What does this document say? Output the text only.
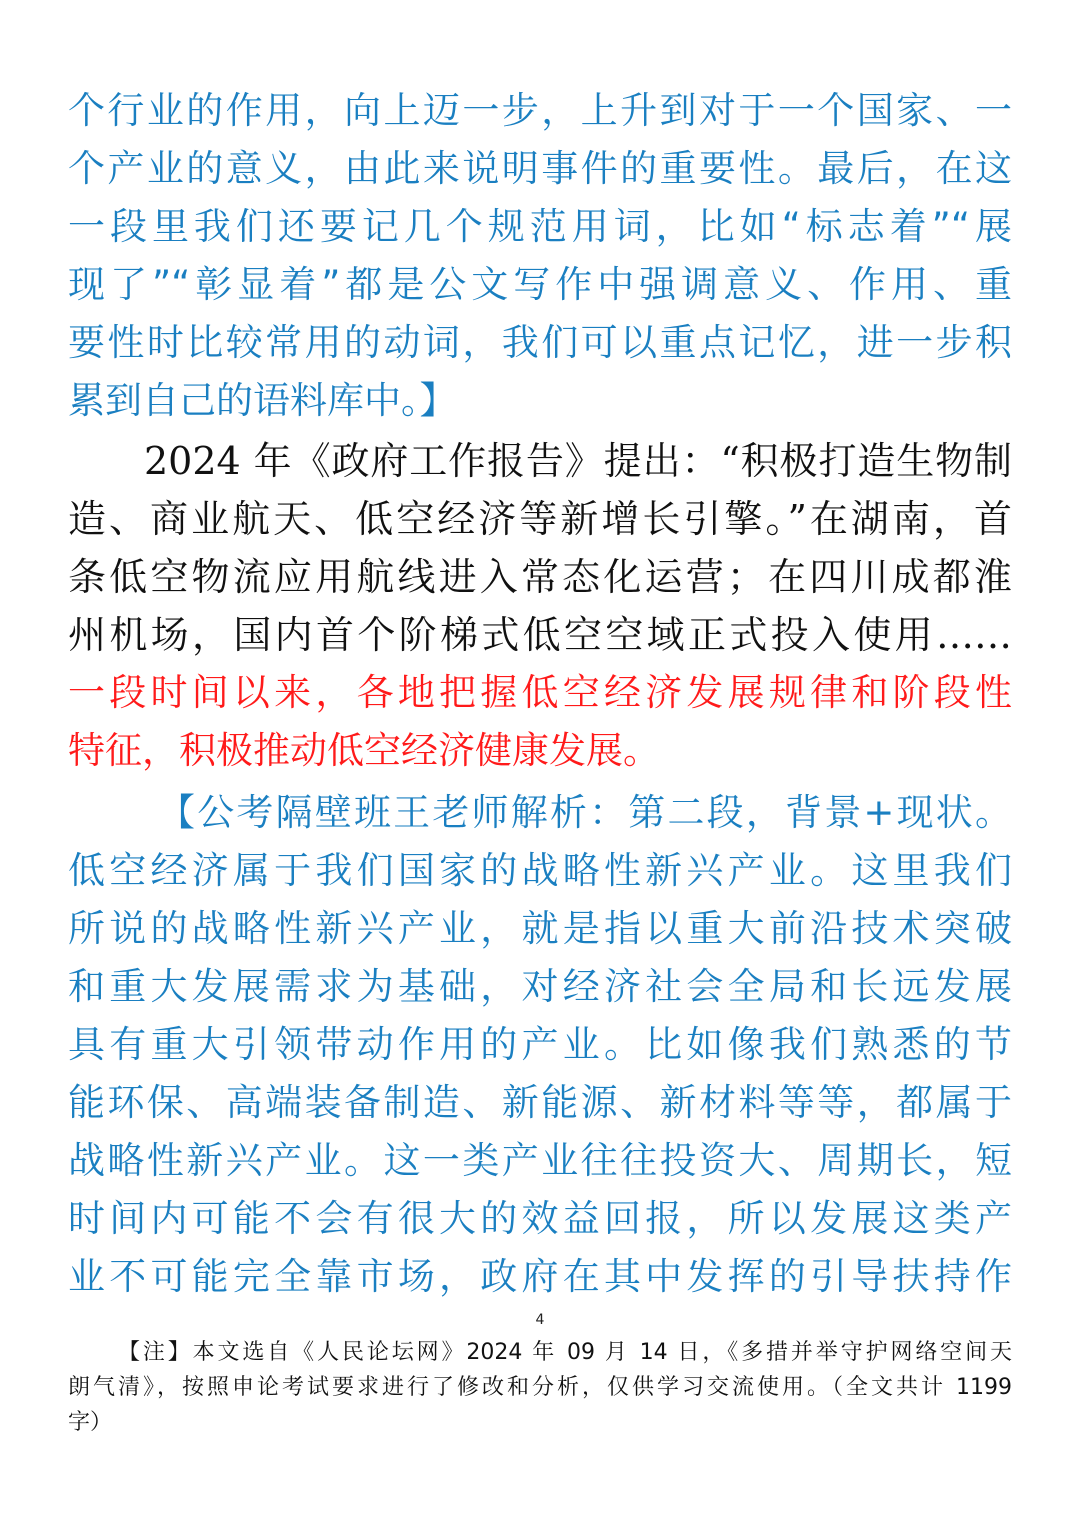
个行业的作用，向上迈一步，上升到对于一个国家、一
个产业的意义，由此来说明事件的重要性。最后，在这
一段里我们还要记几个规范用词，比如“标志着”“展
现了”“彰显着”都是公文写作中强调意义、作用、重
要性时比较常用的动词，我们可以重点记忆，进一步积
累到自己的语料库中。】
2024 年《政府工作报告》提出：“积极打造生物制
造、商业航天、低空经济等新增长引擎。”在湖南，首
条低空物流应用航线进入常态化运营；在四川成都淮
州机场，国内首个阶梯式低空空域正式投入使用……
一段时间以来，各地把握低空经济发展规律和阶段性
特征，积极推动低空经济健康发展。
【公考隔壁班王老师解析：第二段，背景+现状。
低空经济属于我们国家的战略性新兴产业。这里我们
所说的战略性新兴产业，就是指以重大前沿技术突破
和重大发展需求为基础，对经济社会全局和长远发展
具有重大引领带动作用的产业。比如像我们熟悉的节
能环保、高端装备制造、新能源、新材料等等，都属于
战略性新兴产业。这一类产业往往投资大、周期长，短
时间内可能不会有很大的效益回报，所以发展这类产
业不可能完全靠市场，政府在其中发挥的引导扶持作
4
【注】本文选自《人民论坛网》2024 年 09 月 14 日，《多措并举守护网络空间天
朗气清》，按照申论考试要求进行了修改和分析，仅供学习交流使用。（全文共计 1199
字）
